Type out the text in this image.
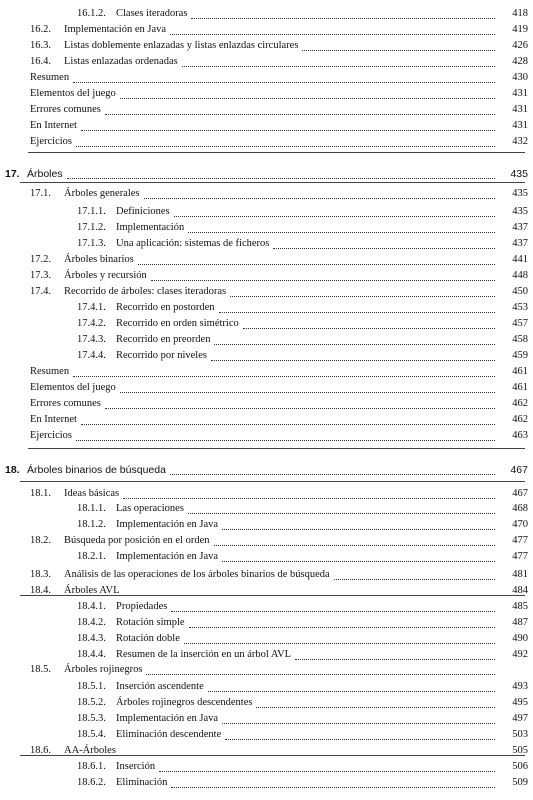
16.1.2. Clases iteradoras	418
16.2.	Implementación en Java	419
16.3.	Listas doblemente enlazadas y listas enlazdas circulares	426
16.4.	Listas enlazadas ordenadas	428
Resumen	430
Elementos del juego	431
Errores comunes	431
En Internet	431
Ejercicios	432
17. Árboles	435
17.1.	Árboles generales	435
17.1.1. Definiciones	435
17.1.2. Implementación	437
17.1.3. Una aplicación: sistemas de ficheros	437
17.2.	Árboles binarios	441
17.3.	Árboles y recursión	448
17.4.	Recorrido de árboles: clases iteradoras	450
17.4.1. Recorrido en postorden	453
17.4.2. Recorrido en orden simétrico	457
17.4.3. Recorrido en preorden	458
17.4.4. Recorrido por niveles	459
Resumen	461
Elementos del juego	461
Errores comunes	462
En Internet	462
Ejercicios	463
18. Árboles binarios de búsqueda	467
18.1.	Ideas básicas	467
18.1.1. Las operaciones	468
18.1.2. Implementación en Java	470
18.2.	Búsqueda por posición en el orden	477
18.2.1. Implementación en Java	477
18.3.	Análisis de las operaciones de los árboles binarios de búsqueda	481
18.4.	Árboles AVL	484
18.4.1. Propiedades	485
18.4.2. Rotación simple	487
18.4.3. Rotación doble	490
18.4.4. Resumen de la inserción en un árbol AVL	492
18.5.	Árboles rojinegros
18.5.1. Inserción ascendente	493
18.5.2. Árboles rojinegros descendentes	495
18.5.3. Implementación en Java	497
18.5.4. Eliminación descendente	503
18.6.	AA-Árboles	505
18.6.1. Inserción	506
18.6.2. Eliminación	509
